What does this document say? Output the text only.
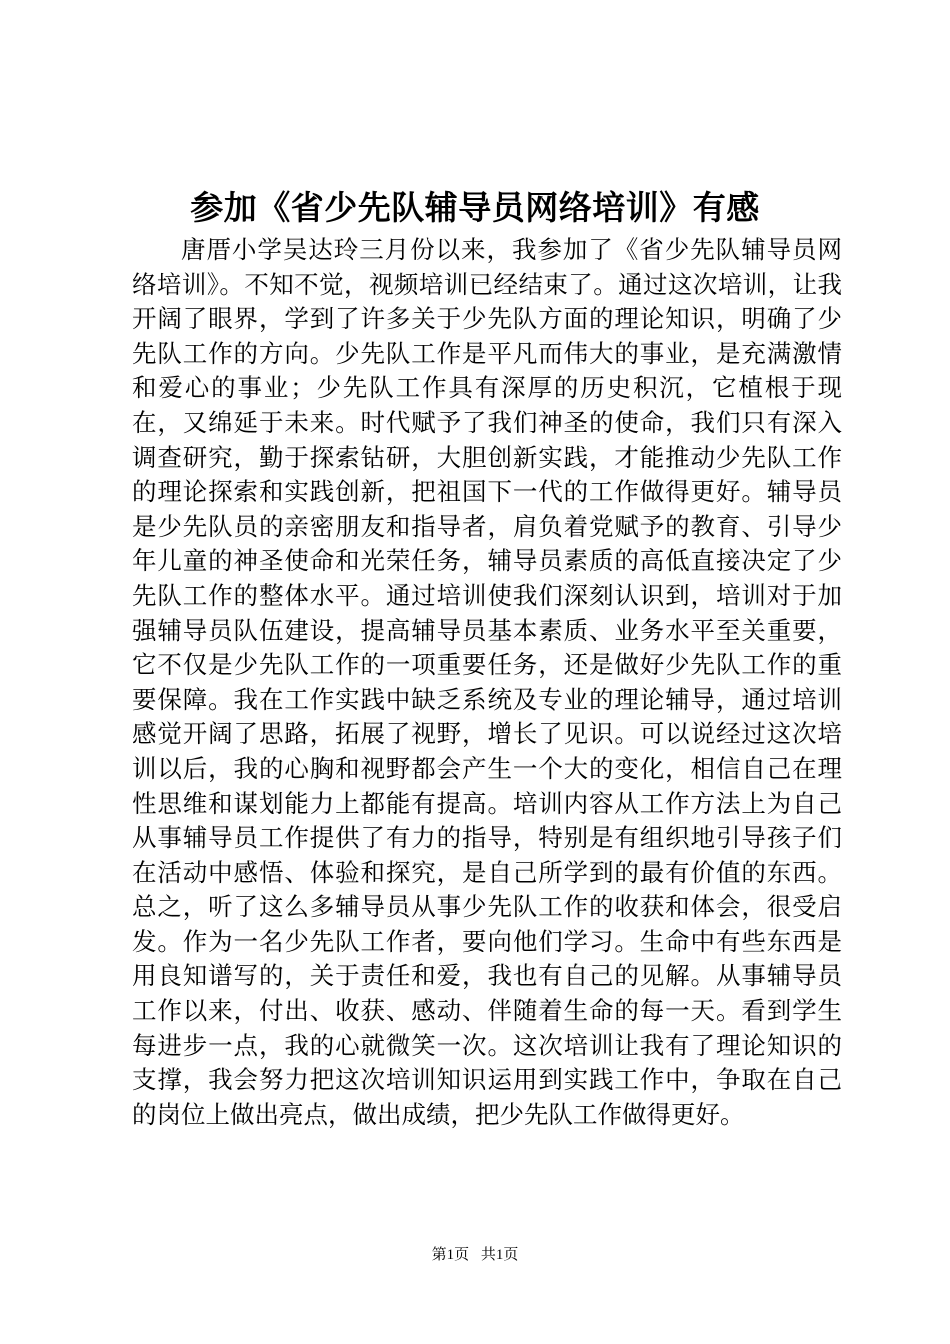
参加《省少先队辅导员网络培训》有感

唐厝小学吴达玲三月份以来，我参加了《省少先队辅导员网络培训》。不知不觉，视频培训已经结束了。通过这次培训，让我开阔了眼界，学到了许多关于少先队方面的理论知识，明确了少先队工作的方向。少先队工作是平凡而伟大的事业，是充满激情和爱心的事业；少先队工作具有深厚的历史积沉，它植根于现在，又绵延于未来。时代赋予了我们神圣的使命，我们只有深入调查研究，勤于探索钻研，大胆创新实践，才能推动少先队工作的理论探索和实践创新，把祖国下一代的工作做得更好。辅导员是少先队员的亲密朋友和指导者，肩负着党赋予的教育、引导少年儿童的神圣使命和光荣任务，辅导员素质的高低直接决定了少先队工作的整体水平。通过培训使我们深刻认识到，培训对于加强辅导员队伍建设，提高辅导员基本素质、业务水平至关重要，它不仅是少先队工作的一项重要任务，还是做好少先队工作的重要保障。我在工作实践中缺乏系统及专业的理论辅导，通过培训感觉开阔了思路，拓展了视野，增长了见识。可以说经过这次培训以后，我的心胸和视野都会产生一个大的变化，相信自己在理性思维和谋划能力上都能有提高。培训内容从工作方法上为自己从事辅导员工作提供了有力的指导，特别是有组织地引导孩子们在活动中感悟、体验和探究，是自己所学到的最有价值的东西。总之，听了这么多辅导员从事少先队工作的收获和体会，很受启发。作为一名少先队工作者，要向他们学习。生命中有些东西是用良知谱写的，关于责任和爱，我也有自己的见解。从事辅导员工作以来，付出、收获、感动、伴随着生命的每一天。看到学生每进步一点，我的心就微笑一次。这次培训让我有了理论知识的支撑，我会努力把这次培训知识运用到实践工作中，争取在自己的岗位上做出亮点，做出成绩，把少先队工作做得更好。

第1页 共1页
